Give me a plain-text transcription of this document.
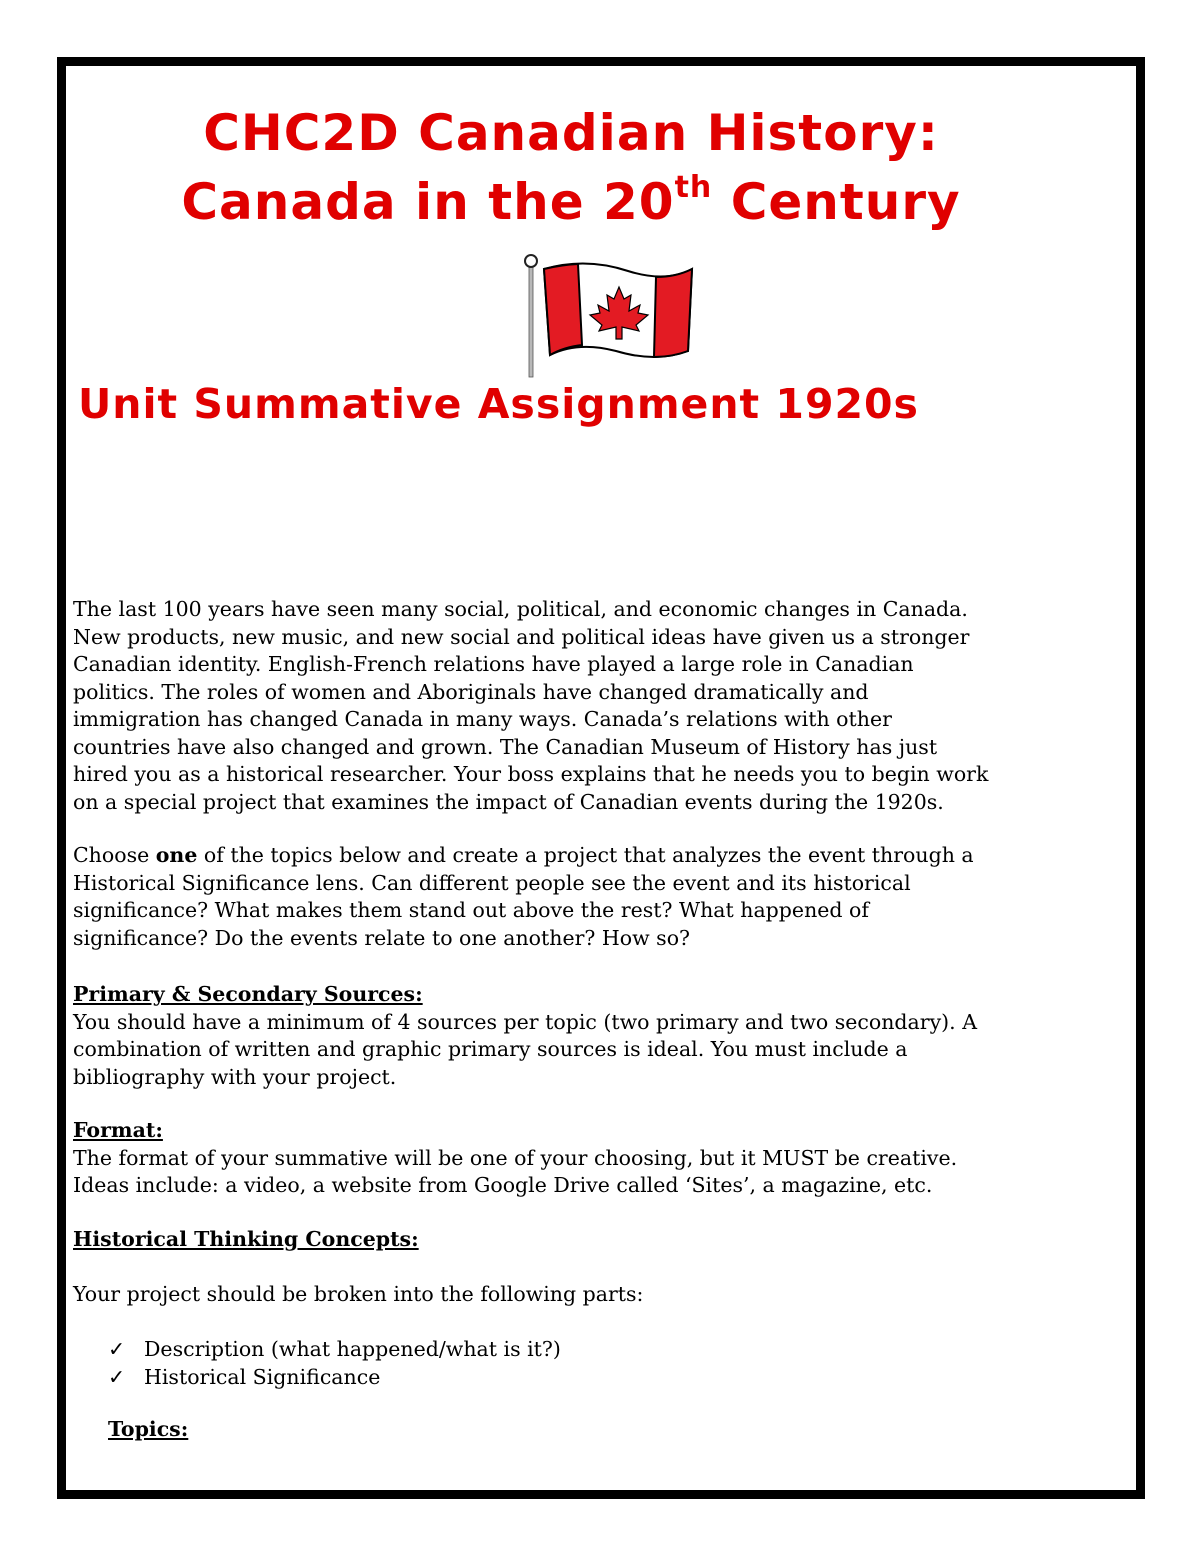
CHC2D Canadian History:
Canada in the 20th Century
Unit Summative Assignment 1920s
The last 100 years have seen many social, political, and economic changes in Canada.
New products, new music, and new social and political ideas have given us a stronger
Canadian identity. English-French relations have played a large role in Canadian
politics. The roles of women and Aboriginals have changed dramatically and
immigration has changed Canada in many ways. Canada’s relations with other
countries have also changed and grown. The Canadian Museum of History has just
hired you as a historical researcher. Your boss explains that he needs you to begin work
on a special project that examines the impact of Canadian events during the 1920s.
Choose one of the topics below and create a project that analyzes the event through a
Historical Significance lens. Can different people see the event and its historical
significance? What makes them stand out above the rest? What happened of
significance? Do the events relate to one another? How so?
Primary & Secondary Sources:
You should have a minimum of 4 sources per topic (two primary and two secondary). A
combination of written and graphic primary sources is ideal. You must include a
bibliography with your project.
Format:
The format of your summative will be one of your choosing, but it MUST be creative.
Ideas include: a video, a website from Google Drive called ‘Sites’, a magazine, etc.
Historical Thinking Concepts:
Your project should be broken into the following parts:
✓ Description (what happened/what is it?)
✓ Historical Significance
Topics:
